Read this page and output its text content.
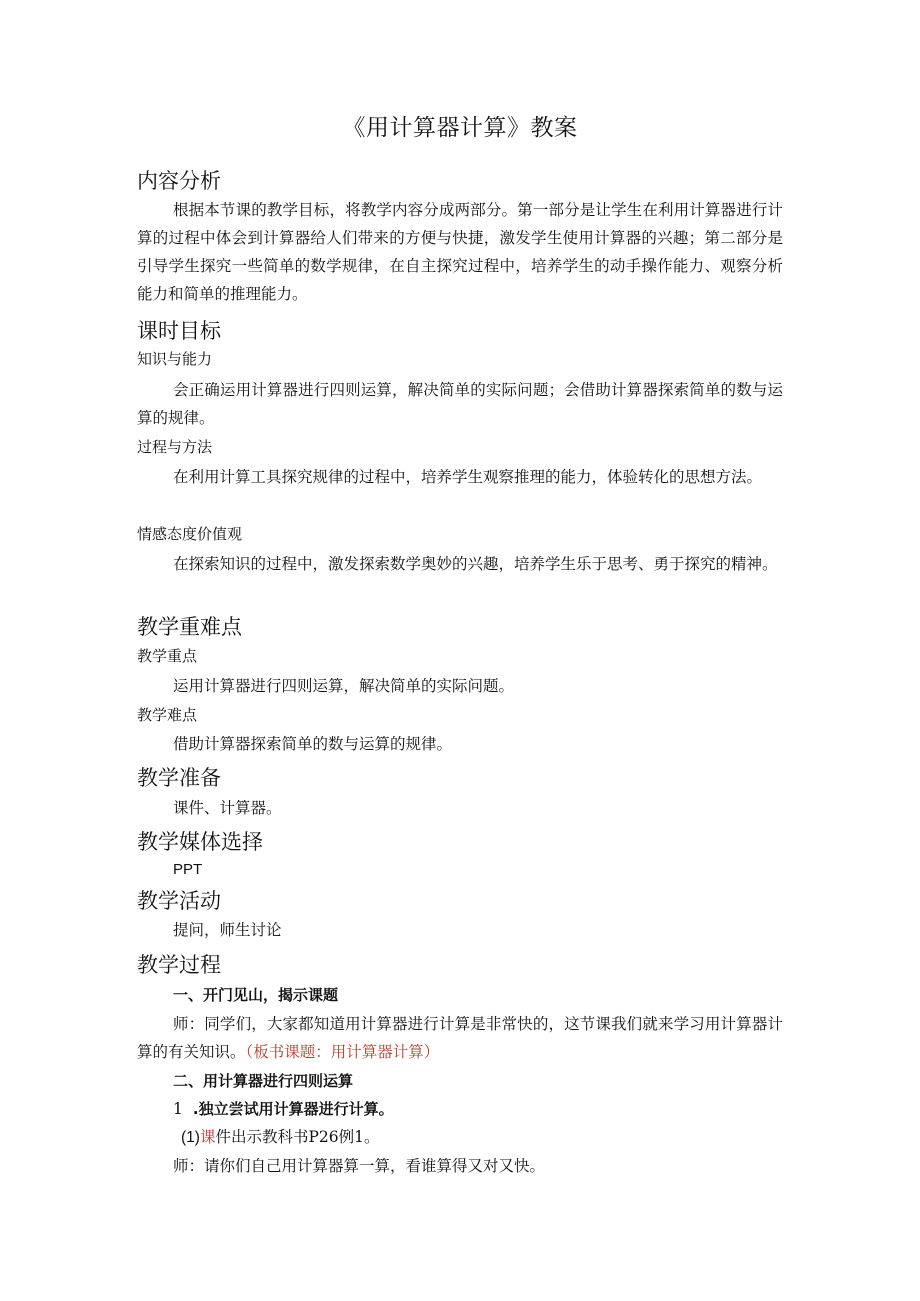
《用计算器计算》教案
内容分析
根据本节课的教学目标，将教学内容分成两部分。第一部分是让学生在利用计算器进行计算的过程中体会到计算器给人们带来的方便与快捷，激发学生使用计算器的兴趣；第二部分是引导学生探究一些简单的数学规律，在自主探究过程中，培养学生的动手操作能力、观察分析能力和简单的推理能力。
课时目标
知识与能力
会正确运用计算器进行四则运算，解决简单的实际问题；会借助计算器探索简单的数与运算的规律。
过程与方法
在利用计算工具探究规律的过程中，培养学生观察推理的能力，体验转化的思想方法。
情感态度价值观
在探索知识的过程中，激发探索数学奥妙的兴趣，培养学生乐于思考、勇于探究的精神。
教学重难点
教学重点
运用计算器进行四则运算，解决简单的实际问题。
教学难点
借助计算器探索简单的数与运算的规律。
教学准备
课件、计算器。
教学媒体选择
PPT
教学活动
提问，师生讨论
教学过程
一、开门见山，揭示课题
师：同学们，大家都知道用计算器进行计算是非常快的，这节课我们就来学习用计算器计算的有关知识。（板书课题：用计算器计算）
二、用计算器进行四则运算
1 .独立尝试用计算器进行计算。
(1)课件出示教科书P26例1。
师：请你们自己用计算器算一算，看谁算得又对又快。
